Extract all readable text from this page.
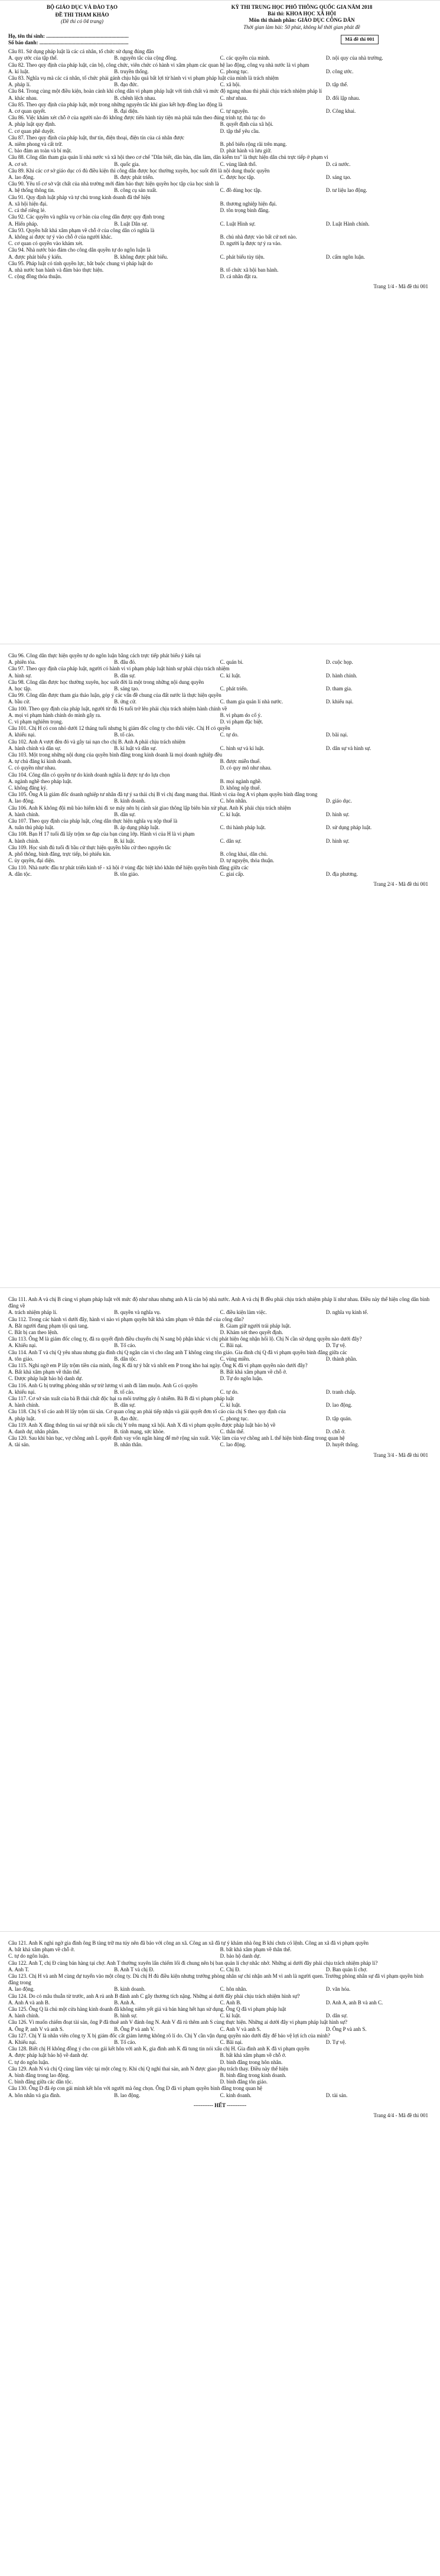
BỘ GIÁO DỤC VÀ ĐÀO TẠO
ĐỀ THI THAM KHẢO
(Đề thi có 04 trang)
KỲ THI TRUNG HỌC PHỔ THÔNG QUỐC GIA NĂM 2018
Bài thi: KHOA HỌC XÃ HỘI
Môn thi thành phần: GIÁO DỤC CÔNG DÂN
Thời gian làm bài: 50 phút, không kể thời gian phát đề
Họ, tên thí sinh: ..............................................................
Số báo danh: ...................................................................
Mã đề thi 001
Câu 81. Sử dụng pháp luật là các cá nhân, tổ chức sử dụng đúng đắn
A. quy ước của tập thể.	B. nguyên tắc của cộng đồng.	C. các quyền của mình.	D. nội quy của nhà trường.
Câu 82. Theo quy định của pháp luật, cán bộ, công chức, viên chức có hành vi xâm phạm các quan hệ lao động, công vụ nhà nước là vi phạm
A. kỉ luật.	B. truyền thống.	C. phong tục.	D. công ước.
Câu 83. Nghĩa vụ mà các cá nhân, tổ chức phải gánh chịu hậu quả bất lợi từ hành vi vi phạm pháp luật của mình là trách nhiệm
A. pháp lí.	B. đạo đức.	C. xã hội.	D. tập thể.
Câu 84. Trong cùng một điều kiện, hoàn cảnh khi công dân vi phạm pháp luật với tính chất và mức độ ngang nhau thì phải chịu trách nhiệm pháp lí
A. khác nhau.	B. chênh lệch nhau.	C. như nhau.	D. đối lập nhau.
Câu 85. Theo quy định của pháp luật, một trong những nguyên tắc khi giao kết hợp đồng lao động là
A. cơ quan quyết.	B. đại diện.	C. tự nguyện.	D. Công khai.
Câu 86. Việc khám xét chỗ ở của người nào đó không được tiến hành tùy tiện mà phải tuân theo đúng trình tự, thủ tục do
A. pháp luật quy định.	B. quyết định của xã hội.
C. cơ quan phê duyệt.	D. tập thể yêu cầu.
Câu 87. Theo quy định của pháp luật, thư tín, điện thoại, điện tín của cá nhân được
A. niêm phong và cất trữ.	B. phổ biến rộng rãi trên mạng.
C. bảo đảm an toàn và bí mật.	D. phát hành và lưu giữ.
Câu 88. Công dân tham gia quản lí nhà nước và xã hội theo cơ chế "Dân biết, dân bàn, dân làm, dân kiểm tra" là thực hiện dân chủ trực tiếp ở phạm vi
A. cơ sở.	B. quốc gia.	C. vùng lãnh thổ.	D. cả nước.
Câu 89. Khi các cơ sở giáo dục có đủ điều kiện thì công dân được học thường xuyên, học suốt đời là nội dung thuộc quyền
A. lao động.	B. được phát triển.	C. được học tập.	D. sáng tạo.
Câu 90. Yêu tố cơ sở vật chất của nhà trường mới đảm bảo thực hiện quyền học tập của học sinh là
A. hệ thống thông tin.	B. công cụ sản xuất.	C. đồ dùng học tập.	D. tư liệu lao động.
Câu 91. Quy định luật pháp và tự chủ trong kinh doanh đã thể hiện
A. xã hội hiện đại.	B. thương nghiệp hiện đại.
C. cá thể riêng lẻ.	D. tôn trọng bình đẳng.
Câu 92. Các quyền và nghĩa vụ cơ bản của công dân được quy định trong
A. Hiến pháp.	B. Luật Dân sự.	C. Luật Hình sự.	D. Luật Hành chính.
Câu 93. Quyền bất khả xâm phạm về chỗ ở của công dân có nghĩa là
A. không ai được tự ý vào chỗ ở của người khác.	B. chủ nhà được vào bất cứ nơi nào.
C. cơ quan có quyền vào khám xét.	D. người lạ được tự ý ra vào.
Câu 94. Nhà nước bảo đảm cho công dân quyền tự do ngôn luận là
A. được phát biểu ý kiến.	B. không được phát biểu.	C. phát biểu tùy tiện.	D. cấm ngôn luận.
Câu 95. Pháp luật có tính quyền lực, bắt buộc chung vì pháp luật do
A. nhà nước ban hành và đảm bảo thực hiện.	B. tổ chức xã hội ban hành.
C. cộng đồng thỏa thuận.	D. cá nhân đặt ra.
Trang 1/4 - Mã đề thi 001
Câu 96. Công dân thực hiện quyền tự do ngôn luận bằng cách trực tiếp phát biểu ý kiến tại
A. phiên tòa.	B. đâu đó.	C. quán bi.	D. cuộc họp.
Câu 97. Theo quy định của pháp luật, người có hành vi vi phạm pháp luật hình sự phải chịu trách nhiệm
A. hình sự.	B. dân sự.	C. kỉ luật.	D. hành chính.
Câu 98. Công dân được học thường xuyên, học suốt đời là một trong những nội dung quyền
A. học tập.	B. sáng tạo.	C. phát triển.	D. tham gia.
Câu 99. Công dân được tham gia thảo luận, góp ý các vấn đề chung của đất nước là thực hiện quyền
A. bầu cử.	B. ứng cử.	C. tham gia quản lí nhà nước.	D. khiếu nại.
Câu 100. Theo quy định của pháp luật, người từ đủ 16 tuổi trở lên phải chịu trách nhiệm hành chính về
A. mọi vi phạm hành chính do mình gây ra.	B. vi phạm do cố ý.
C. vi phạm nghiêm trọng.	D. vi phạm đặc biệt.
Câu 101. Chị H có con nhỏ dưới 12 tháng tuổi nhưng bị giám đốc công ty cho thôi việc. Chị H có quyền
A. khiếu nại.	B. tố cáo.	C. tự do.	D. bãi nại.
Câu 102. Anh A vượt đèn đỏ và gây tai nạn cho chị B. Anh A phải chịu trách nhiệm
A. hành chính và dân sự.	B. kỉ luật và dân sự.	C. hình sự và kỉ luật.	D. dân sự và hình sự.
Câu 103. Một trong những nội dung của quyền bình đẳng trong kinh doanh là mọi doanh nghiệp đều
A. tự chủ đăng kí kinh doanh.	B. được miễn thuế.
C. có quyền như nhau.	D. có quy mô như nhau.
Câu 104. Công dân có quyền tự do kinh doanh nghĩa là được tự do lựa chọn
A. ngành nghề theo pháp luật.	B. mọi ngành nghề.
C. không đăng ký.	D. không nộp thuế.
Câu 105. Ông A là giám đốc doanh nghiệp tư nhân đã tự ý sa thải chị B vì chị đang mang thai. Hành vi của ông A vi phạm quyền bình đẳng trong
A. lao động.	B. kinh doanh.	C. hôn nhân.	D. giáo dục.
Câu 106. Anh K không đội mũ bảo hiểm khi đi xe máy nên bị cảnh sát giao thông lập biên bản xử phạt. Anh K phải chịu trách nhiệm
A. hành chính.	B. dân sự.	C. kỉ luật.	D. hình sự.
Câu 107. Theo quy định của pháp luật, công dân thực hiện nghĩa vụ nộp thuế là
A. tuân thủ pháp luật.	B. áp dụng pháp luật.	C. thi hành pháp luật.	D. sử dụng pháp luật.
Câu 108. Bạn H 17 tuổi đã lấy trộm xe đạp của bạn cùng lớp. Hành vi của H là vi phạm
A. hành chính.	B. kỉ luật.	C. dân sự.	D. hình sự.
Câu 109. Học sinh đủ tuổi đi bầu cử thực hiện quyền bầu cử theo nguyên tắc
A. phổ thông, bình đẳng, trực tiếp, bỏ phiếu kín.	B. công khai, dân chủ.
C. ủy quyền, đại diện.	D. tự nguyện, thỏa thuận.
Câu 110. Nhà nước đầu tư phát triển kinh tế - xã hội ở vùng đặc biệt khó khăn thể hiện quyền bình đẳng giữa các
A. dân tộc.	B. tôn giáo.	C. giai cấp.	D. địa phương.
Trang 2/4 - Mã đề thi 001
Câu 111. Anh A và chị B cùng vi phạm pháp luật với mức độ như nhau nhưng anh A là cán bộ nhà nước. Anh A và chị B đều phải chịu trách nhiệm pháp lí như nhau. Điều này thể hiện công dân bình đẳng về
A. trách nhiệm pháp lí.	B. quyền và nghĩa vụ.	C. điều kiện làm việc.	D. nghĩa vụ kinh tế.
Câu 112. Trong các hành vi dưới đây, hành vi nào vi phạm quyền bất khả xâm phạm về thân thể của công dân?
A. Bắt người đang phạm tội quả tang.	B. Giam giữ người trái pháp luật.
C. Bắt bị can theo lệnh.	D. Khám xét theo quyết định.
Câu 113. Ông M là giám đốc công ty, đã ra quyết định điều chuyển chị N sang bộ phận khác vì chị phát hiện ông nhận hối lộ. Chị N cần sử dụng quyền nào dưới đây?
A. Khiếu nại.	B. Tố cáo.	C. Bãi nại.	D. Tự vệ.
Câu 114. Anh T và chị Q yêu nhau nhưng gia đình chị Q ngăn cản vì cho rằng anh T không cùng tôn giáo. Gia đình chị Q đã vi phạm quyền bình đẳng giữa các
A. tôn giáo.	B. dân tộc.	C. vùng miền.	D. thành phần.
Câu 115. Nghi ngờ em P lấy trộm tiền của mình, ông K đã tự ý bắt và nhốt em P trong kho hai ngày. Ông K đã vi phạm quyền nào dưới đây?
A. Bất khả xâm phạm về thân thể.	B. Bất khả xâm phạm về chỗ ở.
C. Được pháp luật bảo hộ danh dự.	D. Tự do ngôn luận.
Câu 116. Anh G bị trưởng phòng nhân sự trừ lương vì anh đi làm muộn. Anh G có quyền
A. khiếu nại.	B. tố cáo.	C. tự do.	D. tranh chấp.
Câu 117. Cơ sở sản xuất của bà B thải chất độc hại ra môi trường gây ô nhiễm. Bà B đã vi phạm pháp luật
A. hành chính.	B. dân sự.	C. kỉ luật.	D. lao động.
Câu 118. Chị S tố cáo anh H lấy trộm tài sản. Cơ quan công an phải tiếp nhận và giải quyết đơn tố cáo của chị S theo quy định của
A. pháp luật.	B. đạo đức.	C. phong tục.	D. tập quán.
Câu 119. Anh X đăng thông tin sai sự thật nói xấu chị Y trên mạng xã hội. Anh X đã vi phạm quyền được pháp luật bảo hộ về
A. danh dự, nhân phẩm.	B. tính mạng, sức khỏe.	C. thân thể.	D. chỗ ở.
Câu 120. Sau khi bàn bạc, vợ chồng anh L quyết định vay vốn ngân hàng để mở rộng sản xuất. Việc làm của vợ chồng anh L thể hiện bình đẳng trong quan hệ
A. tài sản.	B. nhân thân.	C. lao động.	D. huyết thống.
Trang 3/4 - Mã đề thi 001
Câu 121. Anh K nghi ngờ gia đình ông B tàng trữ ma túy nên đã báo với công an xã. Công an xã đã tự ý khám nhà ông B khi chưa có lệnh. Công an xã đã vi phạm quyền
A. bất khả xâm phạm về chỗ ở.	B. bất khả xâm phạm về thân thể.
C. tự do ngôn luận.	D. bảo hộ danh dự.
Câu 122. Anh T, chị Đ cùng bán hàng tại chợ. Anh T thường xuyên lấn chiếm lối đi chung nên bị ban quản lí chợ nhắc nhở. Những ai dưới đây phải chịu trách nhiệm pháp lí?
A. Anh T.	B. Anh T và chị Đ.	C. Chị Đ.	D. Ban quản lí chợ.
Câu 123. Chị H và anh M cùng dự tuyển vào một công ty. Dù chị H đủ điều kiện nhưng trưởng phòng nhân sự chỉ nhận anh M vì anh là người quen. Trưởng phòng nhân sự đã vi phạm quyền bình đẳng trong
A. lao động.	B. kinh doanh.	C. hôn nhân.	D. văn hóa.
Câu 124. Do có mâu thuẫn từ trước, anh A rủ anh B đánh anh C gây thương tích nặng. Những ai dưới đây phải chịu trách nhiệm hình sự?
A. Anh A và anh B.	B. Anh A.	C. Anh B.	D. Anh A, anh B và anh C.
Câu 125. Ông Q là chủ một cửa hàng kinh doanh đã không niêm yết giá và bán hàng hết hạn sử dụng. Ông Q đã vi phạm pháp luật
A. hành chính.	B. hình sự.	C. kỉ luật.	D. dân sự.
Câu 126. Vì muốn chiếm đoạt tài sản, ông P đã thuê anh V đánh ông N. Anh V đã rủ thêm anh S cùng thực hiện. Những ai dưới đây vi phạm pháp luật hình sự?
A. Ông P, anh V và anh S.	B. Ông P và anh V.	C. Anh V và anh S.	D. Ông P và anh S.
Câu 127. Chị Y là nhân viên công ty X bị giám đốc cắt giảm lương không rõ lí do. Chị Y cần vận dụng quyền nào dưới đây để bảo vệ lợi ích của mình?
A. Khiếu nại.	B. Tố cáo.	C. Bãi nại.	D. Tự vệ.
Câu 128. Biết chị H không đồng ý cho con gái kết hôn với anh K, gia đình anh K đã tung tin nói xấu chị H. Gia đình anh K đã vi phạm quyền
A. được pháp luật bảo hộ về danh dự.	B. bất khả xâm phạm về chỗ ở.
C. tự do ngôn luận.	D. bình đẳng trong hôn nhân.
Câu 129. Anh N và chị Q cùng làm việc tại một công ty. Khi chị Q nghỉ thai sản, anh N được giao phụ trách thay. Điều này thể hiện
A. bình đẳng trong lao động.	B. bình đẳng trong kinh doanh.
C. bình đẳng giữa các dân tộc.	D. bình đẳng tôn giáo.
Câu 130. Ông D đã ép con gái mình kết hôn với người mà ông chọn. Ông D đã vi phạm quyền bình đẳng trong quan hệ
A. hôn nhân và gia đình.	B. lao động.	C. kinh doanh.	D. tài sản.
----------- HẾT -----------
Trang 4/4 - Mã đề thi 001
